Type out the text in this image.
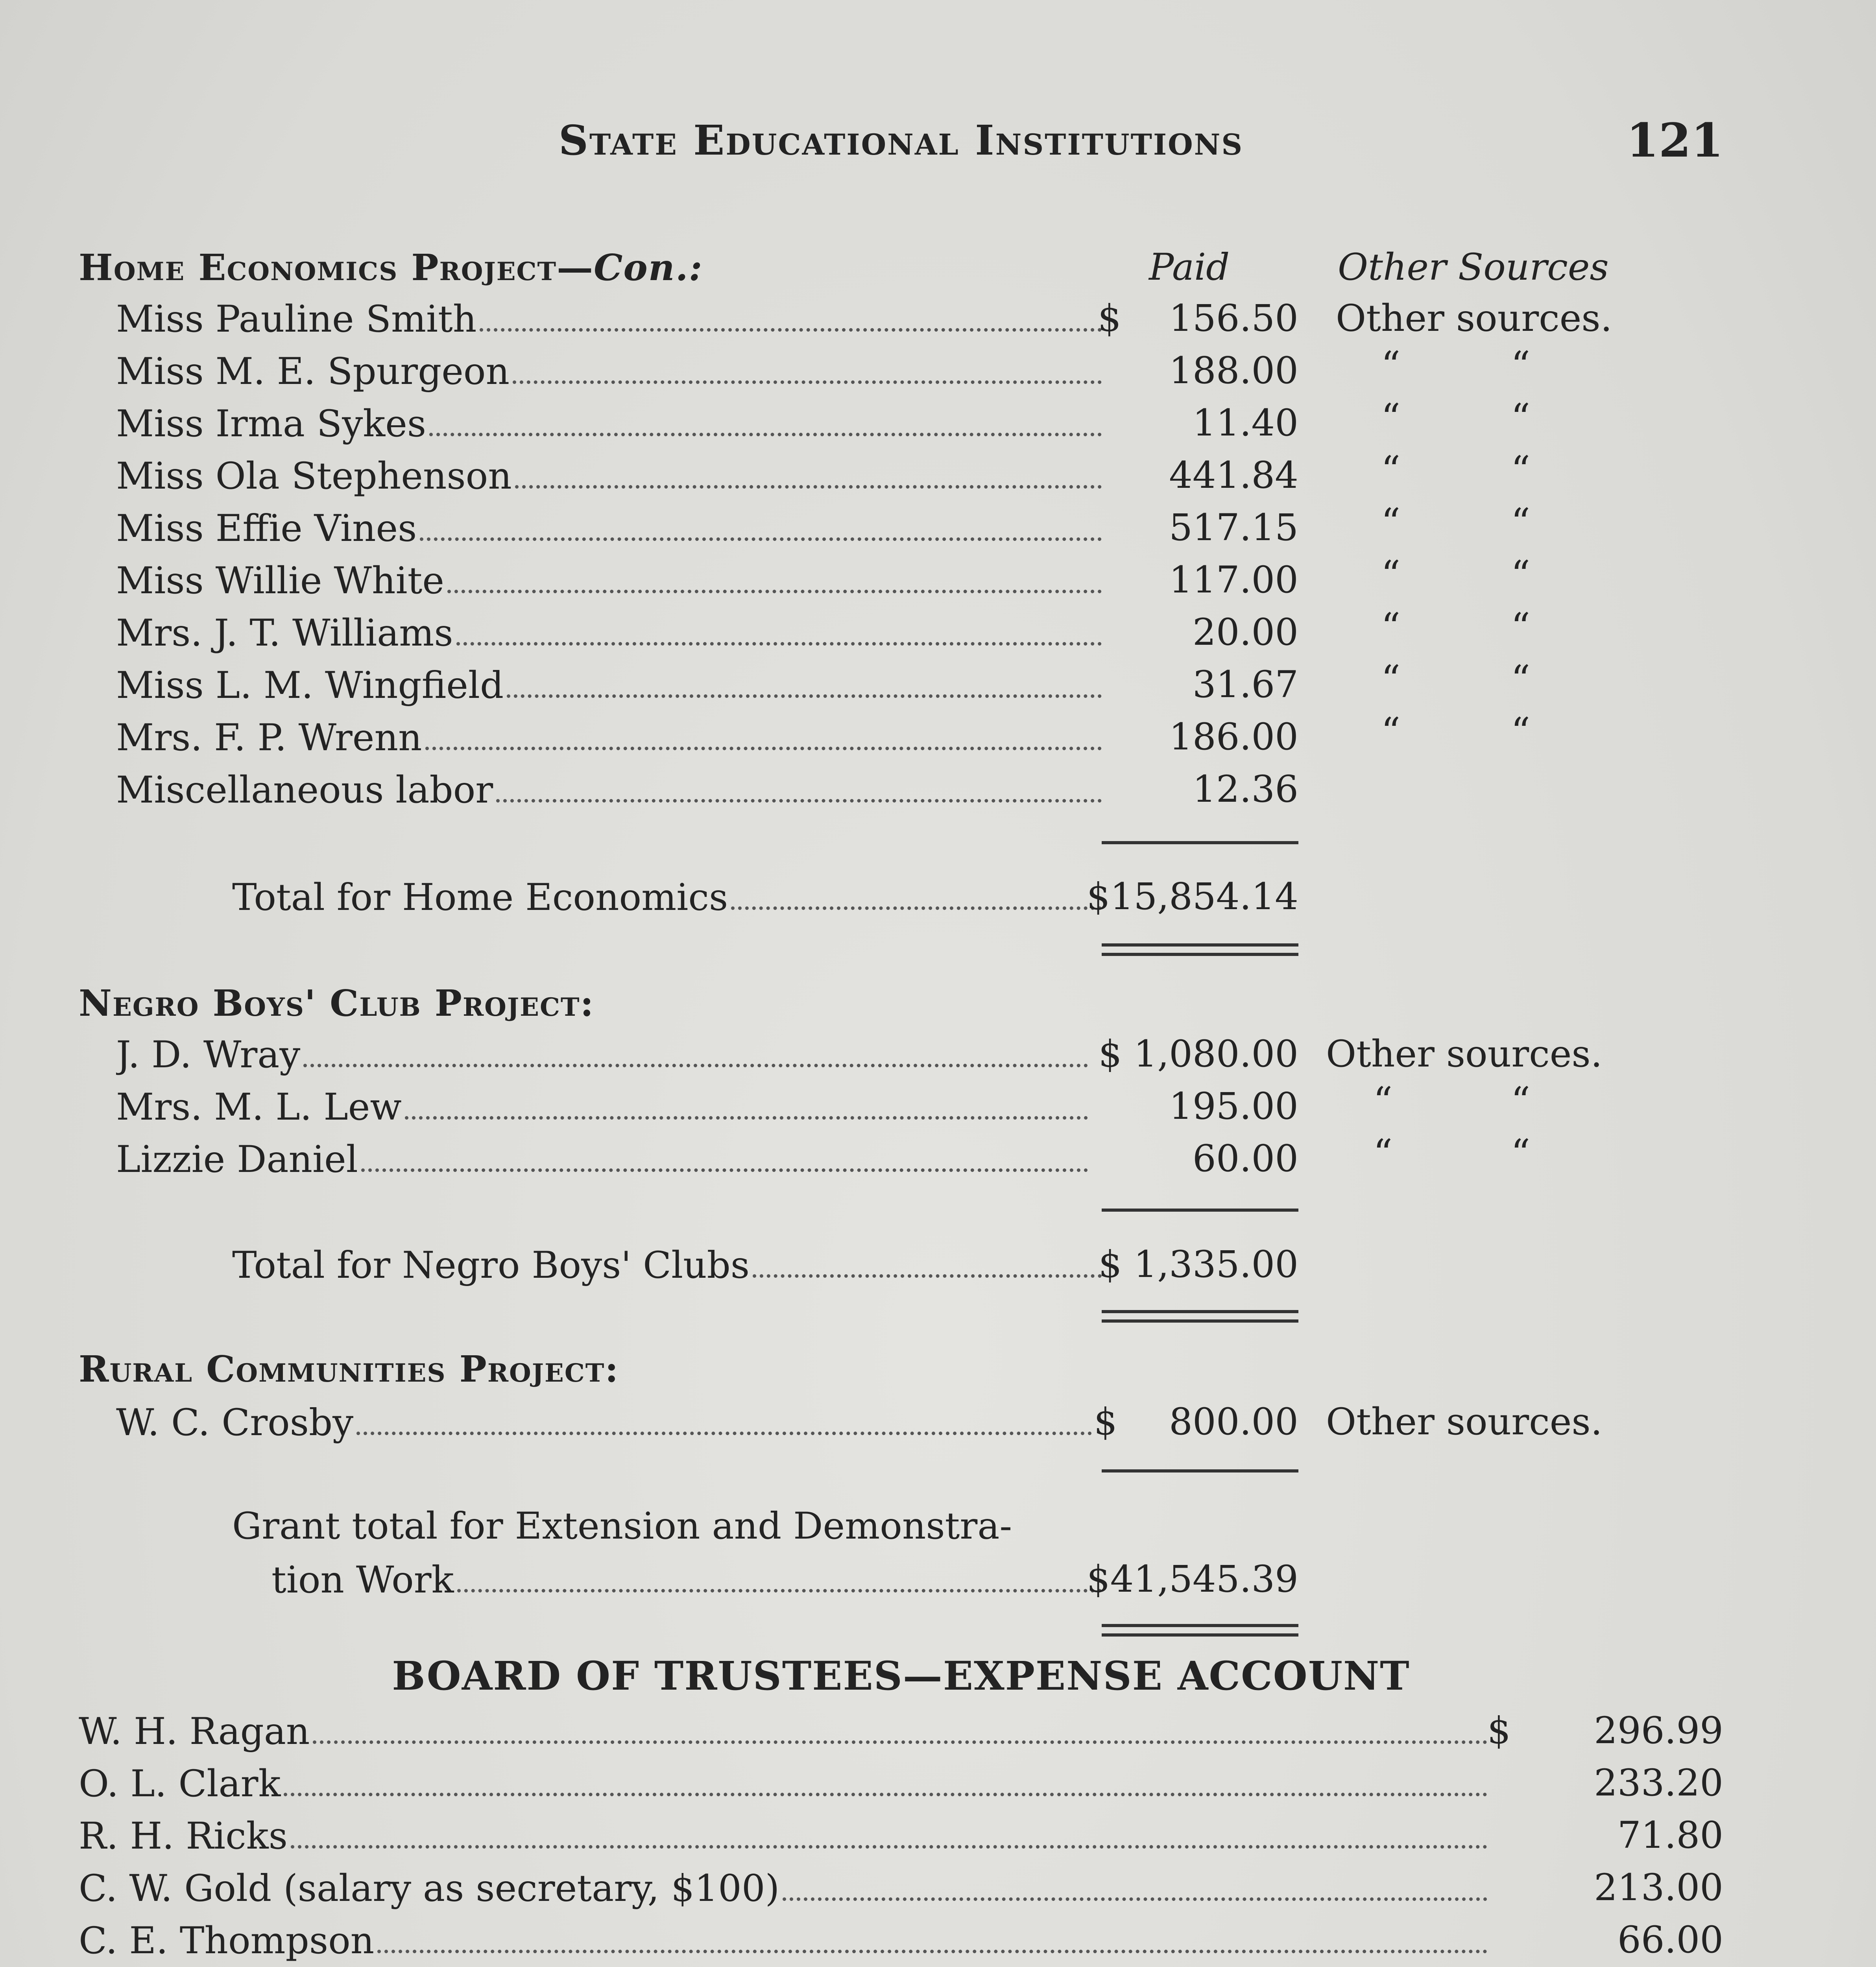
State Educational Institutions	121
Home Economics Project—Con.:	Paid	Other Sources
Miss Pauline Smith	$	156.50 Other sources.
Miss M. E. Spurgeon	188.00 “	“
Miss Irma Sykes	11.40 “	“
Miss Ola Stephenson	441.84 “	“
Miss Effie Vines	517.15 “	“
Miss Willie White	117.00 “	“
Mrs. J. T. Williams	20.00 “	“
Miss L. M. Wingfield	31.67 “	“
Mrs. F. P. Wrenn	186.00 “	“
Miscellaneous labor	12.36
Total for Home Economics	$15,854.14
Negro Boys' Club Project:
J. D. Wray	$ 1,080.00 Other sources.
Mrs. M. L. Lew	195.00 “	“
Lizzie Daniel	60.00 “	“
Total for Negro Boys' Clubs	$ 1,335.00
Rural Communities Project:
W. C. Crosby	$	800.00 Other sources.
Grant total for Extension and Demonstra-
tion Work	$41,545.39
BOARD OF TRUSTEES—EXPENSE ACCOUNT
W. H. Ragan	$	296.99
O. L. Clark	233.20
R. H. Ricks	71.80
C. W. Gold (salary as secretary, $100)	213.00
C. E. Thompson	66.00
